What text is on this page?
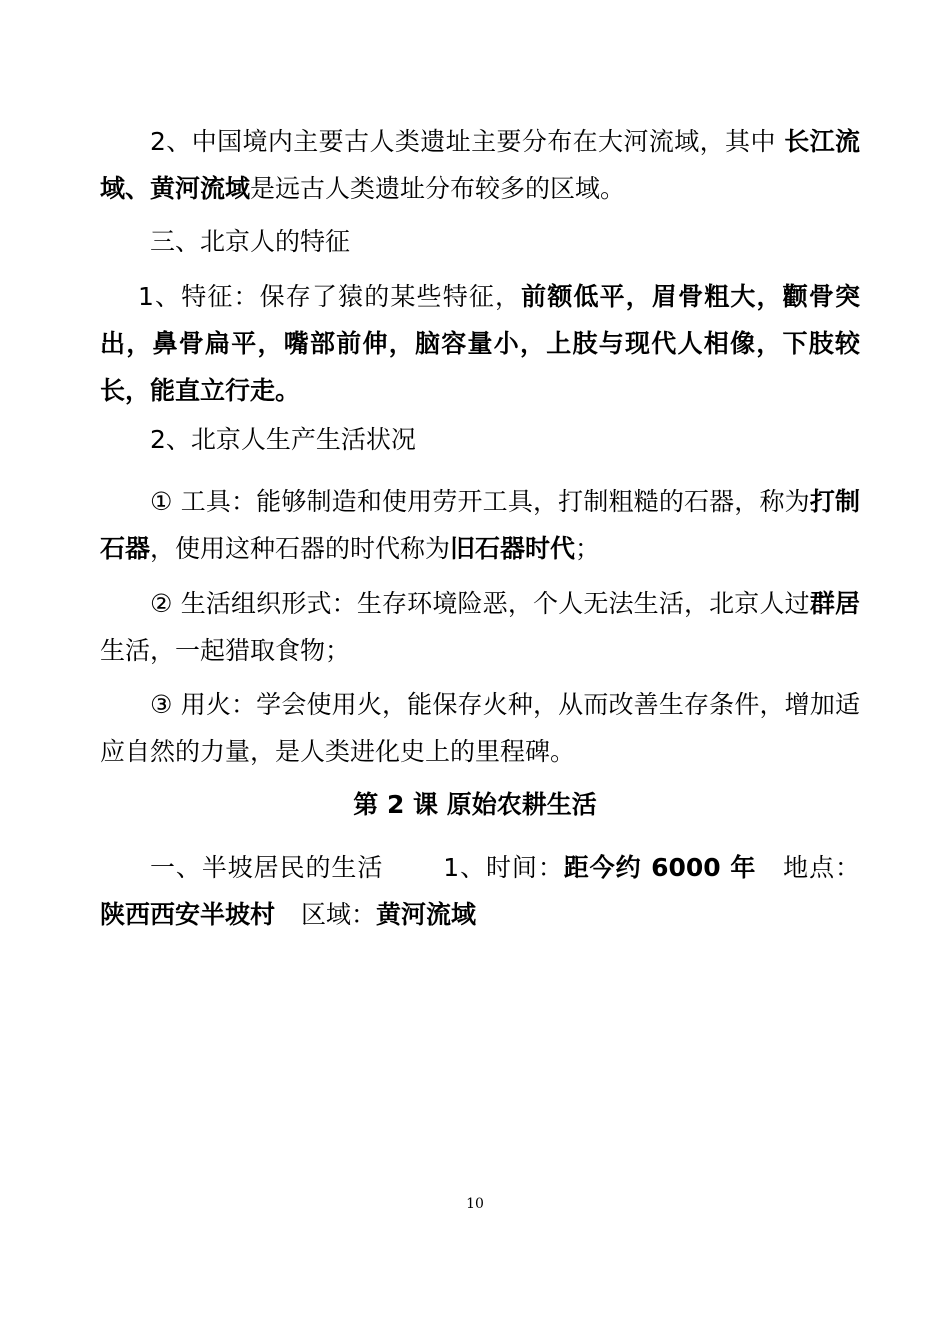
2、中国境内主要古人类遗址主要分布在大河流域，其中 长江流域、黄河流域是远古人类遗址分布较多的区域。

三、北京人的特征

1、特征：保存了猿的某些特征，前额低平，眉骨粗大，颧骨突出，鼻骨扁平，嘴部前伸，脑容量小，上肢与现代人相像，下肢较长，能直立行走。

2、北京人生产生活状况

① 工具：能够制造和使用劳开工具，打制粗糙的石器，称为打制石器，使用这种石器的时代称为旧石器时代；

② 生活组织形式：生存环境险恶，个人无法生活，北京人过群居生活，一起猎取食物；

③ 用火：学会使用火，能保存火种，从而改善生存条件，增加适应自然的力量，是人类进化史上的里程碑。

第 2 课 原始农耕生活

一、半坡居民的生活 1、时间：距今约 6000 年 地点：陕西西安半坡村 区域：黄河流域

10
